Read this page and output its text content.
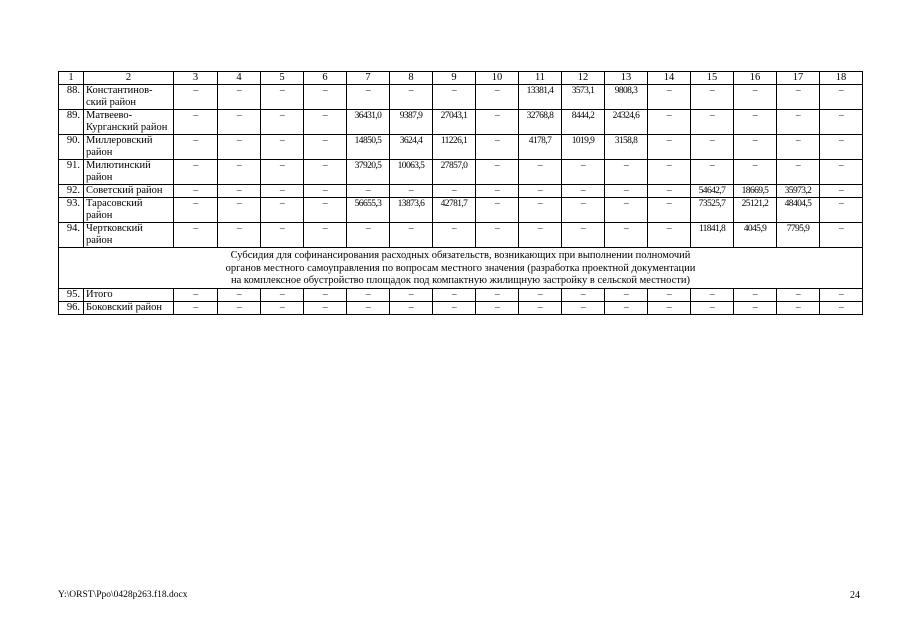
1	2	3	4	5	6	7	8	9	10	11	12	13	14	15	16	17	18
88.	Константинов-ский район	–	–	–	–	–	–	–	–	13381,4	3573,1	9808,3	–	–	–	–	–
89.	Матвеево-Курганский район	–	–	–	–	36431,0	9387,9	27043,1	–	32768,8	8444,2	24324,6	–	–	–	–	–
90.	Миллеровский район	–	–	–	–	14850,5	3624,4	11226,1	–	4178,7	1019,9	3158,8	–	–	–	–	–
91.	Милютинский район	–	–	–	–	37920,5	10063,5	27857,0	–	–	–	–	–	–	–	–	–
92.	Советский район	–	–	–	–	–	–	–	–	–	–	–	–	54642,7	18669,5	35973,2	–
93.	Тарасовский район	–	–	–	–	56655,3	13873,6	42781,7	–	–	–	–	–	73525,7	25121,2	48404,5	–
94.	Чертковский район	–	–	–	–	–	–	–	–	–	–	–	–	11841,8	4045,9	7795,9	–

Субсидия для софинансирования расходных обязательств, возникающих при выполнении полномочий
органов местного самоуправления по вопросам местного значения (разработка проектной документации
на комплексное обустройство площадок под компактную жилищную застройку в сельской местности)																	

95.	Итого	–	–	–	–	–	–	–	–	–	–	–	–	–	–	–	–
96.	Боковский район	–	–	–	–	–	–	–	–	–	–	–	–	–	–	–	–
Y:\ORST\Ppo\0428p263.f18.docx	24
